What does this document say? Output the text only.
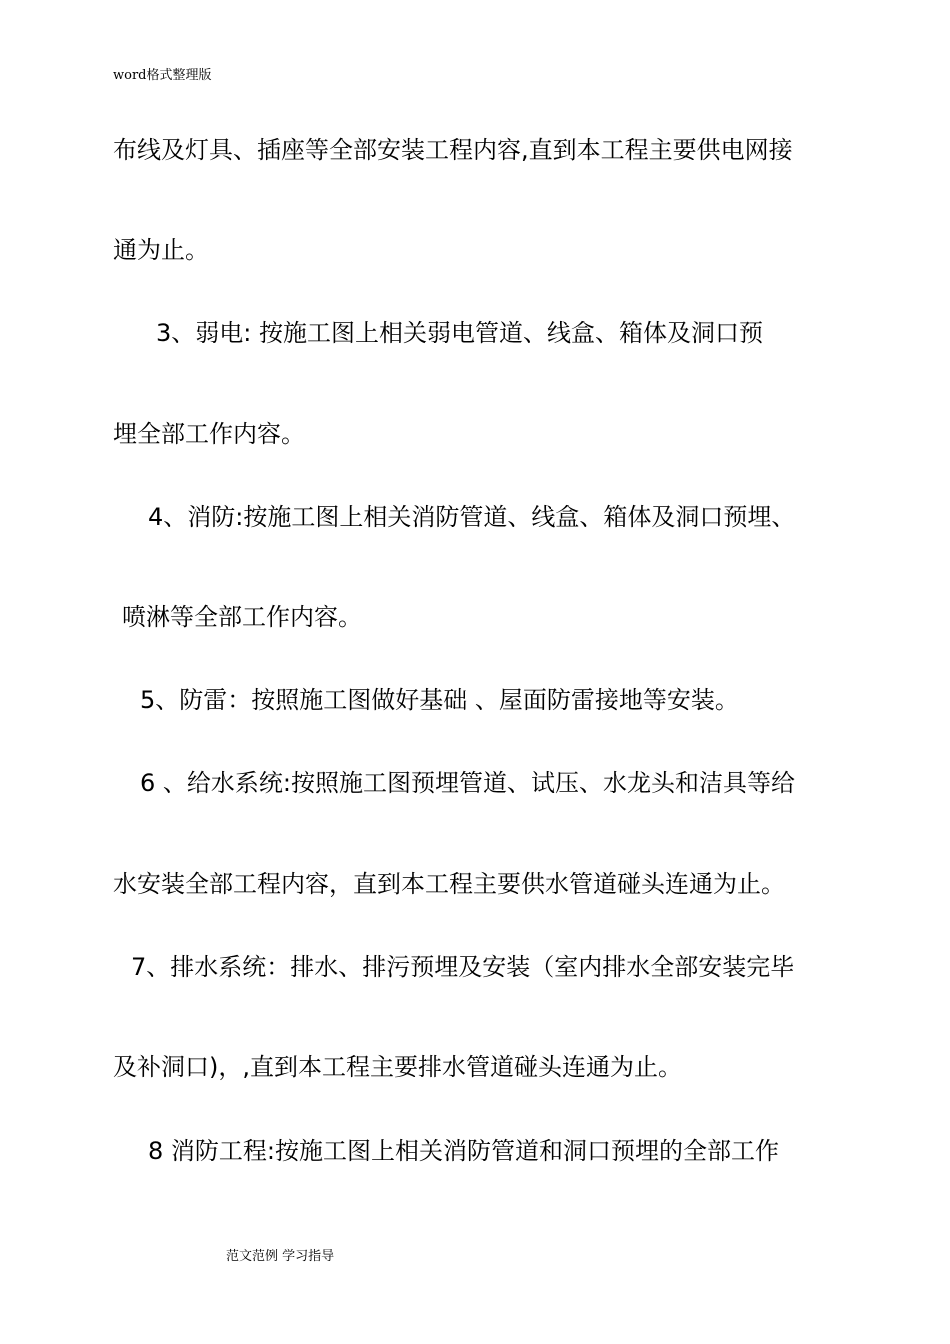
word格式整理版
布线及灯具、插座等全部安装工程内容,直到本工程主要供电网接
通为止。
3、弱电: 按施工图上相关弱电管道、线盒、箱体及洞口预
埋全部工作内容。
4、消防:按施工图上相关消防管道、线盒、箱体及洞口预埋、
喷淋等全部工作内容。
5、防雷：按照施工图做好基础 、屋面防雷接地等安装。
6 、给水系统:按照施工图预埋管道、试压、水龙头和洁具等给
水安装全部工程内容，直到本工程主要供水管道碰头连通为止。
7、排水系统：排水、排污预埋及安装（室内排水全部安装完毕
及补洞口)，,直到本工程主要排水管道碰头连通为止。
8 消防工程:按施工图上相关消防管道和洞口预埋的全部工作
范文范例 学习指导
